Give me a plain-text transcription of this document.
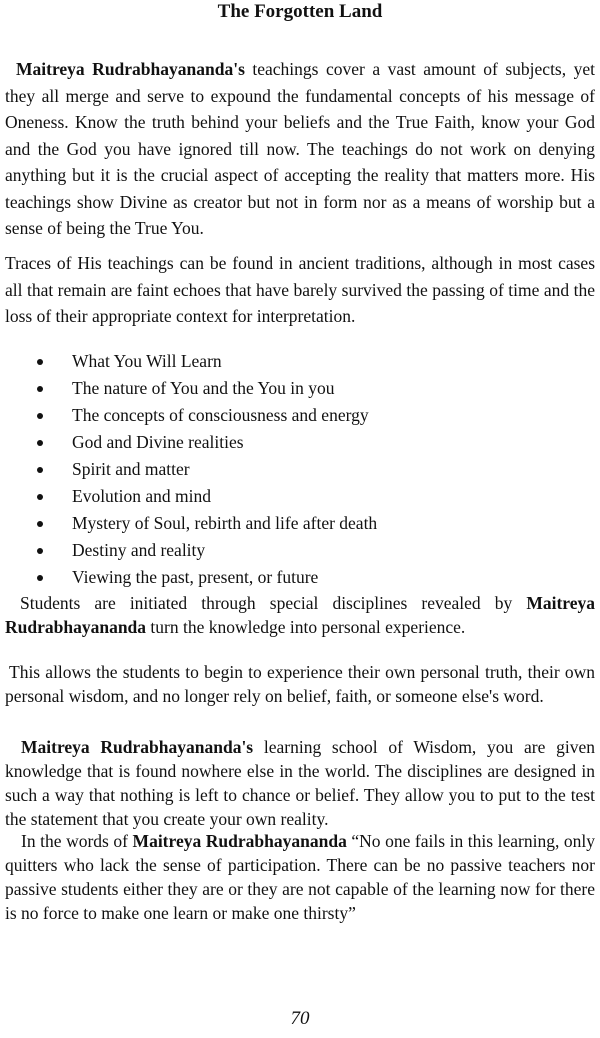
The Forgotten Land

Maitreya Rudrabhayananda's teachings cover a vast amount of subjects, yet they all merge and serve to expound the fundamental concepts of his message of Oneness. Know the truth behind your beliefs and the True Faith, know your God and the God you have ignored till now. The teachings do not work on denying anything but it is the crucial aspect of accepting the reality that matters more. His teachings show Divine as creator but not in form nor as a means of worship but a sense of being the True You.

Traces of His teachings can be found in ancient traditions, although in most cases all that remain are faint echoes that have barely survived the passing of time and the loss of their appropriate context for interpretation.

What You Will Learn
The nature of You and the You in you
The concepts of consciousness and energy
God and Divine realities
Spirit and matter
Evolution and mind
Mystery of Soul, rebirth and life after death
Destiny and reality
Viewing the past, present, or future

Students are initiated through special disciplines revealed by Maitreya Rudrabhayananda turn the knowledge into personal experience.

This allows the students to begin to experience their own personal truth, their own personal wisdom, and no longer rely on belief, faith, or someone else's word.

Maitreya Rudrabhayananda's learning school of Wisdom, you are given knowledge that is found nowhere else in the world. The disciplines are designed in such a way that nothing is left to chance or belief. They allow you to put to the test the statement that you create your own reality.

In the words of Maitreya Rudrabhayananda “No one fails in this learning, only quitters who lack the sense of participation. There can be no passive teachers nor passive students either they are or they are not capable of the learning now for there is no force to make one learn or make one thirsty”

70
